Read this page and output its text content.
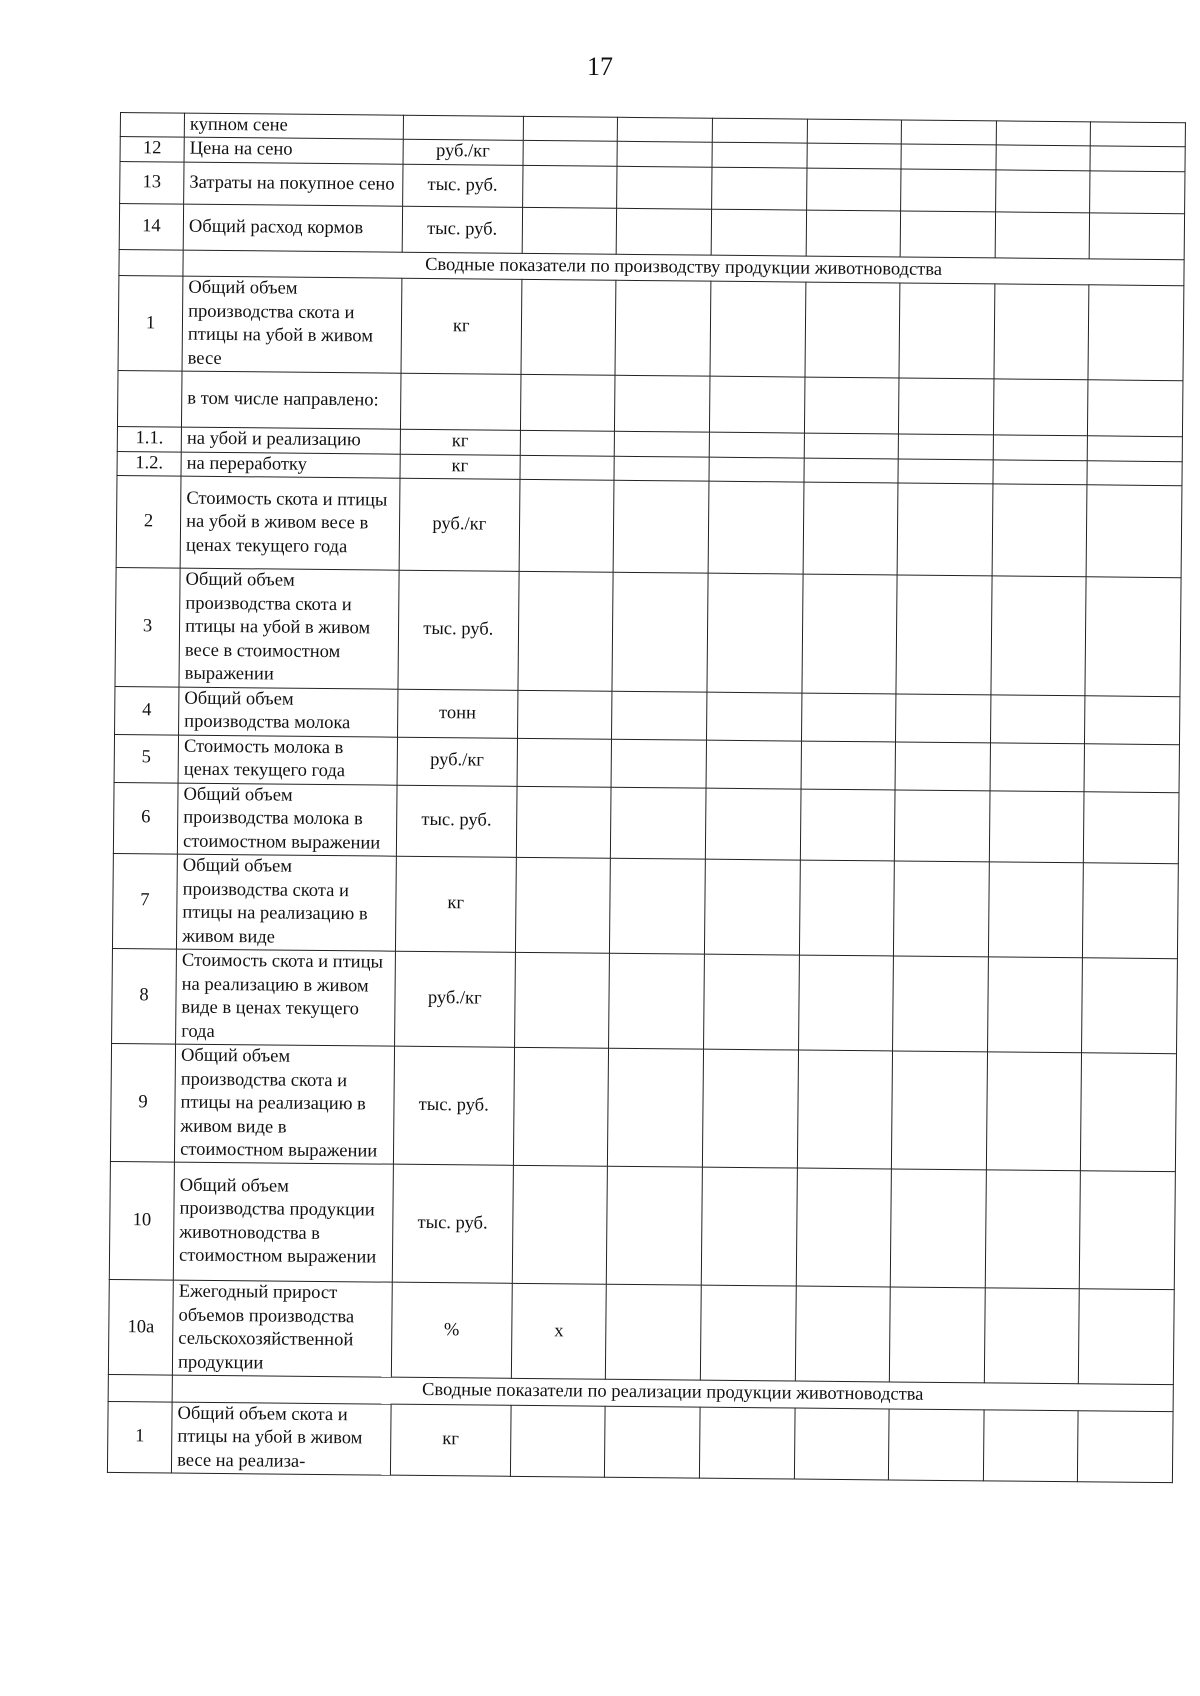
17
	купном сене								
12	Цена на сено	руб./кг							
13	Затраты на покупное сено	тыс. руб.							
14	Общий расход кормов	тыс. руб.							
	Сводные показатели по производству продукции животноводства								
1	Общий объем производства скота и птицы на убой в живом весе	кг							
	в том числе направлено:								
1.1.	на убой и реализацию	кг							
1.2.	на переработку	кг							
2	Стоимость скота и птицы на убой в живом весе в ценах текущего года	руб./кг							
3	Общий объем производства скота и птицы на убой в живом весе в стоимостном выражении	тыс. руб.							
4	Общий объем производства молока	тонн							
5	Стоимость молока в ценах текущего года	руб./кг							
6	Общий объем производства молока в стоимостном выражении	тыс. руб.							
7	Общий объем производства скота и птицы на реализацию в живом виде	кг							
8	Стоимость скота и птицы на реализацию в живом виде в ценах текущего года	руб./кг							
9	Общий объем производства скота и птицы на реализацию в живом виде в стоимостном выражении	тыс. руб.							
10	Общий объем производства продукции животноводства в стоимостном выражении	тыс. руб.							
10а	Ежегодный прирост объемов производства сельскохозяйственной продукции	%	х						
	Сводные показатели по реализации продукции животноводства								
1	Общий объем скота и птицы на убой в живом весе на реализа-	кг							
